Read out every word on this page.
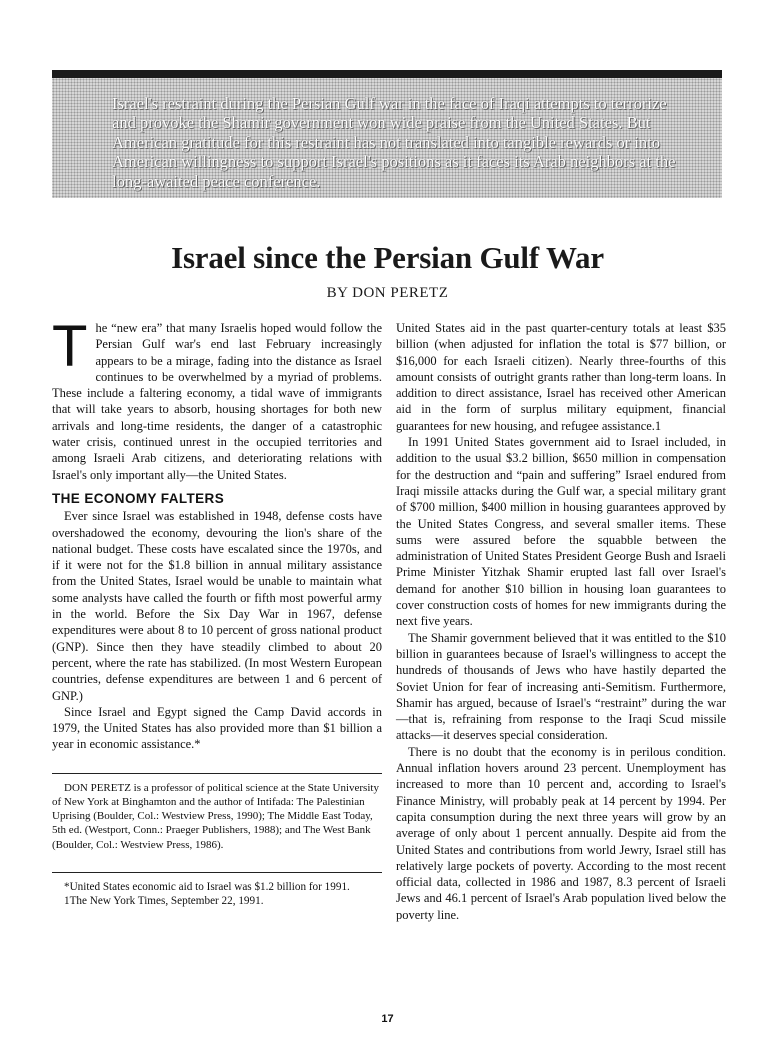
Israel's restraint during the Persian Gulf war in the face of Iraqi attempts to terrorize and provoke the Shamir government won wide praise from the United States. But American gratitude for this restraint has not translated into tangible rewards or into American willingness to support Israel's positions as it faces its Arab neighbors at the long-awaited peace conference.

Israel since the Persian Gulf War

BY DON PERETZ

The “new era” that many Israelis hoped would follow the Persian Gulf war's end last February increasingly appears to be a mirage, fading into the distance as Israel continues to be overwhelmed by a myriad of problems. These include a faltering economy, a tidal wave of immigrants that will take years to absorb, housing shortages for both new arrivals and long-time residents, the danger of a catastrophic water crisis, continued unrest in the occupied territories and among Israeli Arab citizens, and deteriorating relations with Israel's only important ally—the United States.

THE ECONOMY FALTERS

Ever since Israel was established in 1948, defense costs have overshadowed the economy, devouring the lion's share of the national budget. These costs have escalated since the 1970s, and if it were not for the $1.8 billion in annual military assistance from the United States, Israel would be unable to maintain what some analysts have called the fourth or fifth most powerful army in the world. Before the Six Day War in 1967, defense expenditures were about 8 to 10 percent of gross national product (GNP). Since then they have steadily climbed to about 20 percent, where the rate has stabilized. (In most Western European countries, defense expenditures are between 1 and 6 percent of GNP.)

Since Israel and Egypt signed the Camp David accords in 1979, the United States has also provided more than $1 billion a year in economic assistance.*

DON PERETZ is a professor of political science at the State University of New York at Binghamton and the author of Intifada: The Palestinian Uprising (Boulder, Col.: Westview Press, 1990); The Middle East Today, 5th ed. (Westport, Conn.: Praeger Publishers, 1988); and The West Bank (Boulder, Col.: Westview Press, 1986).

*United States economic aid to Israel was $1.2 billion for 1991.

1The New York Times, September 22, 1991.

United States aid in the past quarter-century totals at least $35 billion (when adjusted for inflation the total is $77 billion, or $16,000 for each Israeli citizen). Nearly three-fourths of this amount consists of outright grants rather than long-term loans. In addition to direct assistance, Israel has received other American aid in the form of surplus military equipment, financial guarantees for new housing, and refugee assistance.1

In 1991 United States government aid to Israel included, in addition to the usual $3.2 billion, $650 million in compensation for the destruction and “pain and suffering” Israel endured from Iraqi missile attacks during the Gulf war, a special military grant of $700 million, $400 million in housing guarantees approved by the United States Congress, and several smaller items. These sums were assured before the squabble between the administration of United States President George Bush and Israeli Prime Minister Yitzhak Shamir erupted last fall over Israel's demand for another $10 billion in housing loan guarantees to cover construction costs of homes for new immigrants during the next five years.

The Shamir government believed that it was entitled to the $10 billion in guarantees because of Israel's willingness to accept the hundreds of thousands of Jews who have hastily departed the Soviet Union for fear of increasing anti-Semitism. Furthermore, Shamir has argued, because of Israel's “restraint” during the war—that is, refraining from response to the Iraqi Scud missile attacks—it deserves special consideration.

There is no doubt that the economy is in perilous condition. Annual inflation hovers around 23 percent. Unemployment has increased to more than 10 percent and, according to Israel's Finance Ministry, will probably peak at 14 percent by 1994. Per capita consumption during the next three years will grow by an average of only about 1 percent annually. Despite aid from the United States and contributions from world Jewry, Israel still has relatively large pockets of poverty. According to the most recent official data, collected in 1986 and 1987, 8.3 percent of Israeli Jews and 46.1 percent of Israel's Arab population lived below the poverty line.

17
